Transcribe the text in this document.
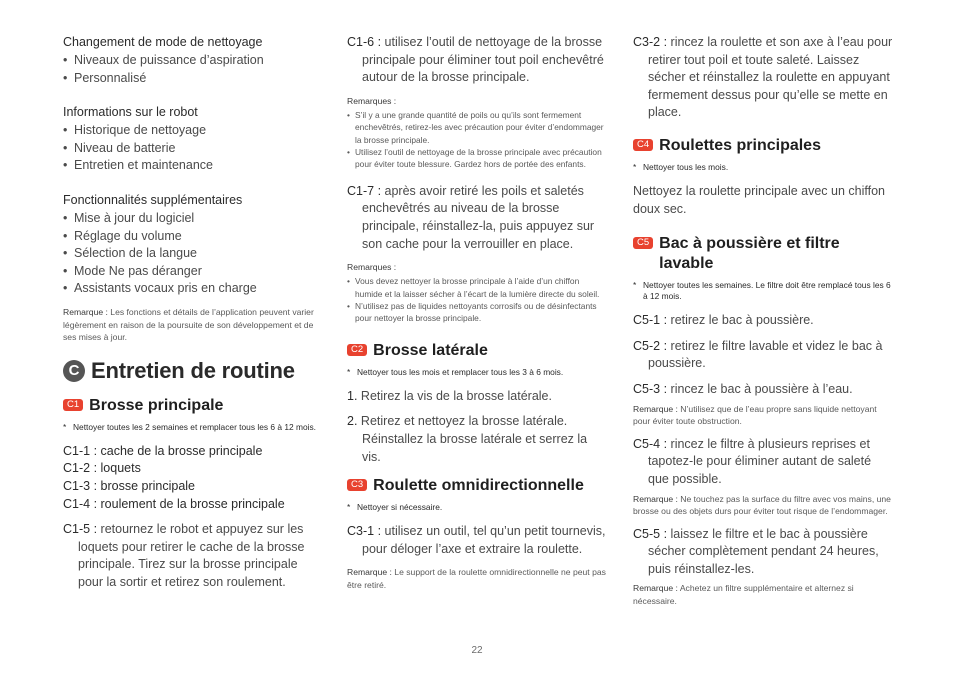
Changement de mode de nettoyage
• Niveaux de puissance d’aspiration
• Personnalisé
Informations sur le robot
• Historique de nettoyage
• Niveau de batterie
• Entretien et maintenance
Fonctionnalités supplémentaires
• Mise à jour du logiciel
• Réglage du volume
• Sélection de la langue
• Mode Ne pas déranger
• Assistants vocaux pris en charge
Remarque : Les fonctions et détails de l’application peuvent varier légèrement en raison de la poursuite de son développement et de ses mises à jour.
C Entretien de routine
C1 Brosse principale
* Nettoyer toutes les 2 semaines et remplacer tous les 6 à 12 mois.
C1-1 : cache de la brosse principale
C1-2 : loquets
C1-3 : brosse principale
C1-4 : roulement de la brosse principale
C1-5 : retournez le robot et appuyez sur les loquets pour retirer le cache de la brosse principale. Tirez sur la brosse principale pour la sortir et retirez son roulement.
C1-6 : utilisez l’outil de nettoyage de la brosse principale pour éliminer tout poil enchevêtré autour de la brosse principale.
Remarques :
• S’il y a une grande quantité de poils ou qu’ils sont fermement enchevêtrés, retirez-les avec précaution pour éviter d’endommager la brosse principale.
• Utilisez l’outil de nettoyage de la brosse principale avec précaution pour éviter toute blessure. Gardez hors de portée des enfants.
C1-7 : après avoir retiré les poils et saletés enchevêtrés au niveau de la brosse principale, réinstallez-la, puis appuyez sur son cache pour la verrouiller en place.
Remarques :
• Vous devez nettoyer la brosse principale à l’aide d’un chiffon humide et la laisser sécher à l’écart de la lumière directe du soleil.
• N’utilisez pas de liquides nettoyants corrosifs ou de désinfectants pour nettoyer la brosse principale.
C2 Brosse latérale
* Nettoyer tous les mois et remplacer tous les 3 à 6 mois.
1. Retirez la vis de la brosse latérale.
2. Retirez et nettoyez la brosse latérale. Réinstallez la brosse latérale et serrez la vis.
C3 Roulette omnidirectionnelle
* Nettoyer si nécessaire.
C3-1 : utilisez un outil, tel qu’un petit tournevis, pour déloger l’axe et extraire la roulette.
Remarque : Le support de la roulette omnidirectionnelle ne peut pas être retiré.
C3-2 : rincez la roulette et son axe à l’eau pour retirer tout poil et toute saleté. Laissez sécher et réinstallez la roulette en appuyant fermement dessus pour qu’elle se mette en place.
C4 Roulettes principales
* Nettoyer tous les mois.
Nettoyez la roulette principale avec un chiffon doux sec.
C5 Bac à poussière et filtre lavable
* Nettoyer toutes les semaines. Le filtre doit être remplacé tous les 6 à 12 mois.
C5-1 : retirez le bac à poussière.
C5-2 : retirez le filtre lavable et videz le bac à poussière.
C5-3 : rincez le bac à poussière à l’eau.
Remarque : N’utilisez que de l’eau propre sans liquide nettoyant pour éviter toute obstruction.
C5-4 : rincez le filtre à plusieurs reprises et tapotez-le pour éliminer autant de saleté que possible.
Remarque : Ne touchez pas la surface du filtre avec vos mains, une brosse ou des objets durs pour éviter tout risque de l’endommager.
C5-5 : laissez le filtre et le bac à poussière sécher complètement pendant 24 heures, puis réinstallez-les.
Remarque : Achetez un filtre supplémentaire et alternez si nécessaire.
22
